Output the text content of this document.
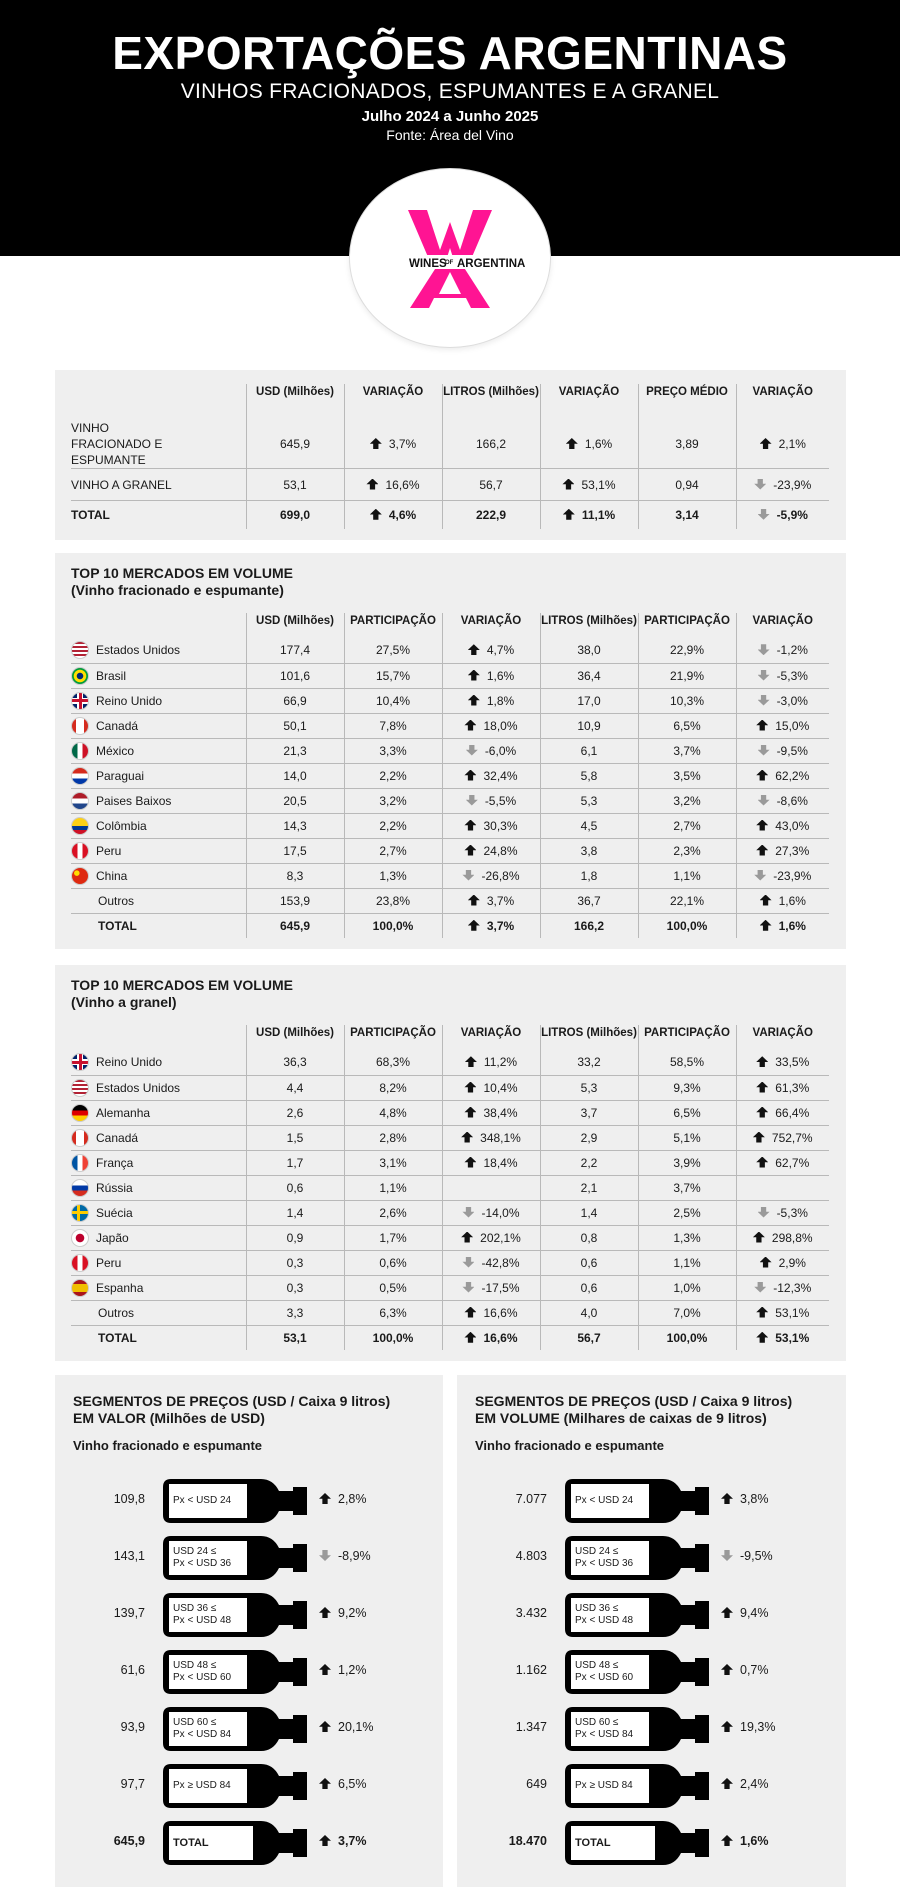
EXPORTAÇÕES ARGENTINAS
VINHOS FRACIONADOS, ESPUMANTES E A GRANEL
Julho 2024 a Junho 2025
Fonte: Área del Vino
WINES
OF ARGENTINA
	USD (Milhões)	VARIAÇÃO	LITROS (Milhões)	VARIAÇÃO	PREÇO MÉDIO	VARIAÇÃO
VINHO FRACIONADO E ESPUMANTE	645,9	3,7%	166,2	1,6%	3,89	2,1%
VINHO A GRANEL	53,1	16,6%	56,7	53,1%	0,94	-23,9%
TOTAL	699,0	4,6%	222,9	11,1%	3,14	-5,9%
TOP 10 MERCADOS EM VOLUME
(Vinho fracionado e espumante)
	USD (Milhões)	PARTICIPAÇÃO	VARIAÇÃO	LITROS (Milhões)	PARTICIPAÇÃO	VARIAÇÃO

Estados Unidos	177,4	27,5%	4,7%	38,0	22,9%	-1,2%

Brasil	101,6	15,7%	1,6%	36,4	21,9%	-5,3%

Reino Unido	66,9	10,4%	1,8%	17,0	10,3%	-3,0%

Canadá	50,1	7,8%	18,0%	10,9	6,5%	15,0%

México	21,3	3,3%	-6,0%	6,1	3,7%	-9,5%

Paraguai	14,0	2,2%	32,4%	5,8	3,5%	62,2%

Paises Baixos	20,5	3,2%	-5,5%	5,3	3,2%	-8,6%

Colômbia	14,3	2,2%	30,3%	4,5	2,7%	43,0%

Peru	17,5	2,7%	24,8%	3,8	2,3%	27,3%

China	8,3	1,3%	-26,8%	1,8	1,1%	-23,9%

Outros	153,9	23,8%	3,7%	36,7	22,1%	1,6%

TOTAL	645,9	100,0%	3,7%	166,2	100,0%	1,6%
TOP 10 MERCADOS EM VOLUME
(Vinho a granel)
	USD (Milhões)	PARTICIPAÇÃO	VARIAÇÃO	LITROS (Milhões)	PARTICIPAÇÃO	VARIAÇÃO

Reino Unido	36,3	68,3%	11,2%	33,2	58,5%	33,5%

Estados Unidos	4,4	8,2%	10,4%	5,3	9,3%	61,3%

Alemanha	2,6	4,8%	38,4%	3,7	6,5%	66,4%

Canadá	1,5	2,8%	348,1%	2,9	5,1%	752,7%

França	1,7	3,1%	18,4%	2,2	3,9%	62,7%

Rússia	0,6	1,1%		2,1	3,7%	

Suécia	1,4	2,6%	-14,0%	1,4	2,5%	-5,3%

Japão	0,9	1,7%	202,1%	0,8	1,3%	298,8%

Peru	0,3	0,6%	-42,8%	0,6	1,1%	2,9%

Espanha	0,3	0,5%	-17,5%	0,6	1,0%	-12,3%

Outros	3,3	6,3%	16,6%	4,0	7,0%	53,1%

TOTAL	53,1	100,0%	16,6%	56,7	100,0%	53,1%
SEGMENTOS DE PREÇOS (USD / Caixa 9 litros)
EM VALOR (Milhões de USD)
Vinho fracionado e espumante
109,8	Px < USD 24	2,8%
143,1	USD 24 ≤
Px < USD 36
-8,9%
139,7	USD 36 ≤
Px < USD 48
9,2%
61,6	USD 48 ≤
Px < USD 60
1,2%
93,9	USD 60 ≤
Px < USD 84
20,1%
97,7	Px ≥ USD 84	6,5%
645,9	TOTAL	3,7%
SEGMENTOS DE PREÇOS (USD / Caixa 9 litros)
EM VOLUME (Milhares de caixas de 9 litros)
Vinho fracionado e espumante
7.077	Px < USD 24	3,8%
4.803	USD 24 ≤
Px < USD 36
-9,5%
3.432	USD 36 ≤
Px < USD 48
9,4%
1.162	USD 48 ≤
Px < USD 60
0,7%
1.347	USD 60 ≤
Px < USD 84
19,3%
649	Px ≥ USD 84	2,4%
18.470	TOTAL	1,6%
